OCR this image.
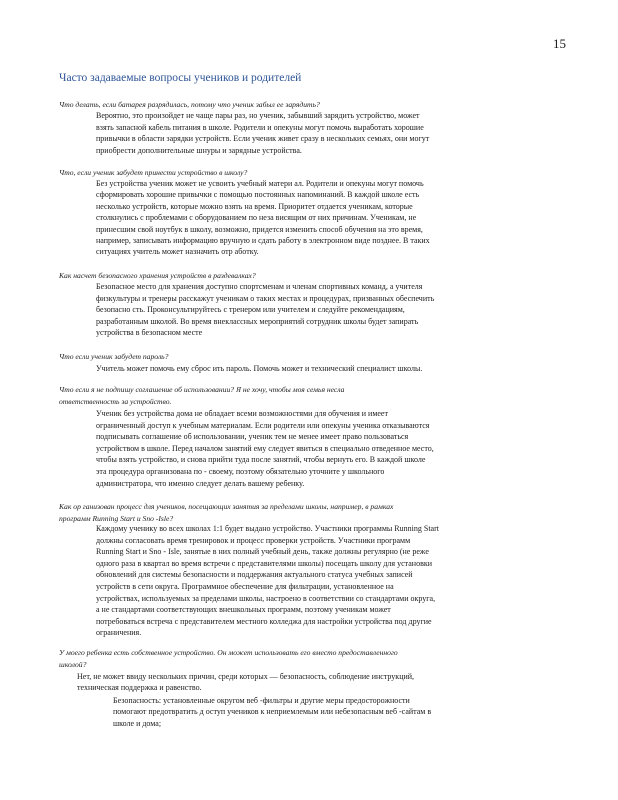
15
Часто задаваемые вопросы учеников и родителей
Что делать, если батарея разрядилась, потому что ученик забыл ее зарядить?
Вероятно, это произойдет не чаще пары раз, но ученик, забывший зарядить устройство, может
взять запасной кабель питания в школе. Родители и опекуны могут помочь выработать хорошие
привычки в области зарядки устройств. Если ученик живет сразу в нескольких семьях, они могут
приобрести дополнительные шнуры и зарядные устройства.
Что, если ученик забудет принести устройство в школу?
Без устройства ученик может не усвоить учебный матери ал. Родители и опекуны могут помочь
сформировать хорошие привычки с помощью постоянных напоминаний. В каждой школе есть
несколько устройств, которые можно взять на время. Приоритет отдается ученикам, которые
столкнулись с проблемами с оборудованием по неза висящим от них причинам. Ученикам, не
принесшим свой ноутбук в школу, возможно, придется изменить способ обучения на это время,
например, записывать информацию вручную и сдать работу в электронном виде позднее. В таких
ситуациях учитель может назначить отр аботку.
Как насчет безопасного хранения устройств в раздевалках?
Безопасное место для хранения доступно спортсменам и членам спортивных команд, а учителя
физкультуры и тренеры расскажут ученикам о таких местах и процедурах, призванных обеспечить
безопасно сть. Проконсультируйтесь с тренером или учителем и следуйте рекомендациям,
разработанным школой. Во время внеклассных мероприятий сотрудник школы будет запирать
устройства в безопасном месте
Что если ученик забудет пароль?
Учитель может помочь ему сброс ить пароль. Помочь может и технический специалист школы.
Что если я не подпишу соглашение об использовании? Я не хочу, чтобы моя семья несла
ответственность за устройство.
Ученик без устройства дома не обладает всеми возможностями для обучения и имеет
ограниченный доступ к учебным материалам. Если родители или опекуны ученика отказываются
подписывать соглашение об использовании, ученик тем не менее имеет право пользоваться
устройством в школе. Перед началом занятий ему следует явиться в специально отведенное место,
чтобы взять устройство, и снова прийти туда после занятий, чтобы вернуть его. В каждой школе
эта процедура организована по - своему, поэтому обязательно уточните у школьного
администратора, что именно следует делать вашему ребенку.
Как ор ганизован процесс для учеников, посещающих занятия за пределами школы, например, в рамках
программ Running Start и Sno -Isle?
Каждому ученику во всех школах 1:1 будет выдано устройство. Участники программы Running Start
должны согласовать время тренировок и процесс проверки устройств. Участники программ
Running Start и Sno - Isle, занятые в них полный учебный день, также должны регулярно (не реже
одного раза в квартал во время встречи с представителями школы) посещать школу для установки
обновлений для системы безопасности и поддержания актуального статуса учебных записей
устройств в сети округа. Программное обеспечение для фильтрации, установленное на
устройствах, используемых за пределами школы, настроено в соответствии со стандартами округа,
а не стандартами соответствующих внешкольных программ, поэтому ученикам может
потребоваться встреча с представителем местного колледжа для настройки устройства под другие
ограничения.
У моего ребенка есть собственное устройство. Он может использовать его вместо предоставленного
школой?
Нет, не может ввиду нескольких причин, среди которых — безопасность, соблюдение инструкций,
техническая поддержка и равенство.
Безопасность: установленные округом веб -фильтры и другие меры предосторожности
помогают предотвратить д оступ учеников к неприемлемым или небезопасным веб -сайтам в
школе и дома;
